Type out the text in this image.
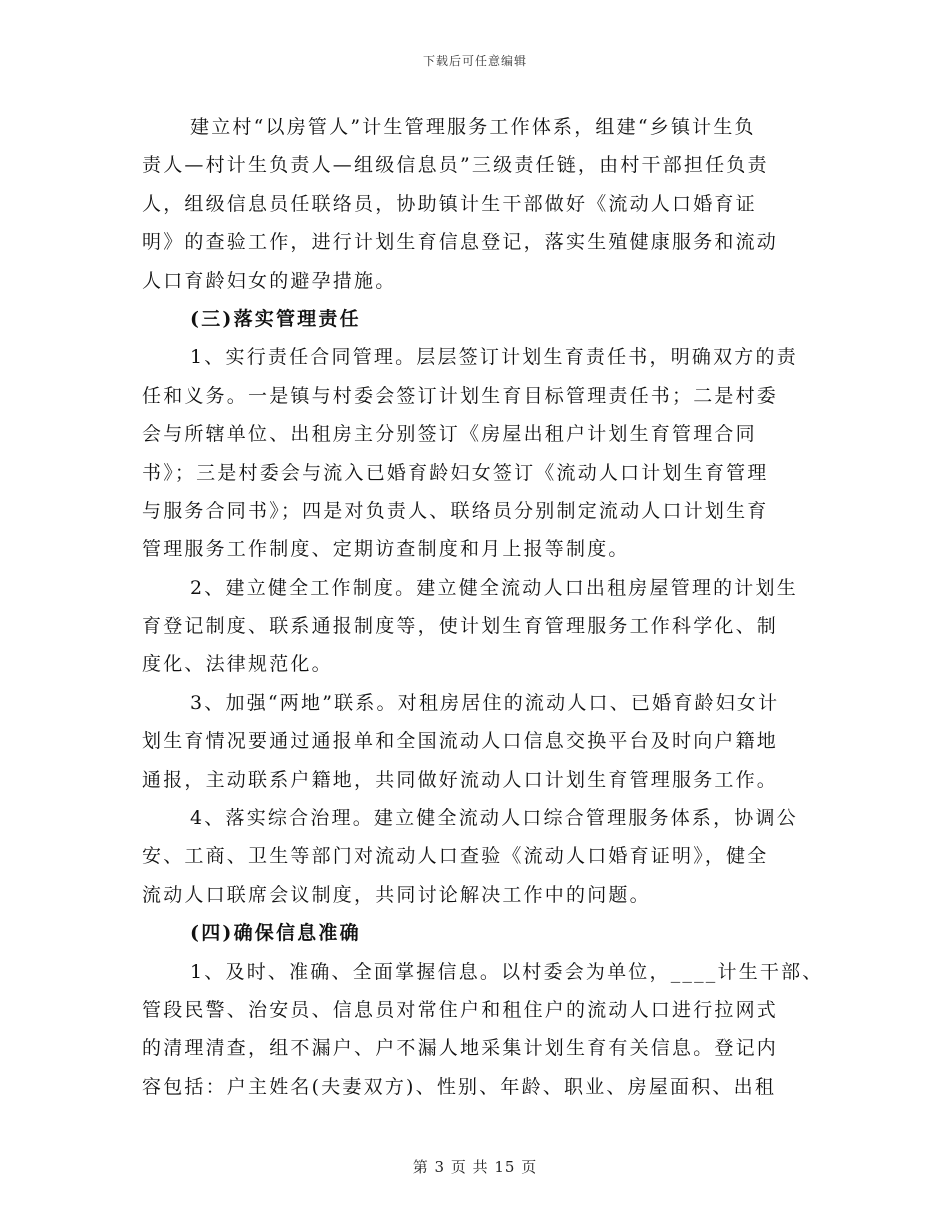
下载后可任意编辑
建立村“以房管人”计生管理服务工作体系，组建“乡镇计生负
责人—村计生负责人—组级信息员”三级责任链，由村干部担任负责
人，组级信息员任联络员，协助镇计生干部做好《流动人口婚育证
明》的查验工作，进行计划生育信息登记，落实生殖健康服务和流动
人口育龄妇女的避孕措施。
(三)落实管理责任
1、实行责任合同管理。层层签订计划生育责任书，明确双方的责
任和义务。一是镇与村委会签订计划生育目标管理责任书；二是村委
会与所辖单位、出租房主分别签订《房屋出租户计划生育管理合同
书》；三是村委会与流入已婚育龄妇女签订《流动人口计划生育管理
与服务合同书》；四是对负责人、联络员分别制定流动人口计划生育
管理服务工作制度、定期访查制度和月上报等制度。
2、建立健全工作制度。建立健全流动人口出租房屋管理的计划生
育登记制度、联系通报制度等，使计划生育管理服务工作科学化、制
度化、法律规范化。
3、加强“两地”联系。对租房居住的流动人口、已婚育龄妇女计
划生育情况要通过通报单和全国流动人口信息交换平台及时向户籍地
通报，主动联系户籍地，共同做好流动人口计划生育管理服务工作。
4、落实综合治理。建立健全流动人口综合管理服务体系，协调公
安、工商、卫生等部门对流动人口查验《流动人口婚育证明》，健全
流动人口联席会议制度，共同讨论解决工作中的问题。
(四)确保信息准确
1、及时、准确、全面掌握信息。以村委会为单位，____计生干部、
管段民警、治安员、信息员对常住户和租住户的流动人口进行拉网式
的清理清查，组不漏户、户不漏人地采集计划生育有关信息。登记内
容包括：户主姓名(夫妻双方)、性别、年龄、职业、房屋面积、出租
第 3 页 共 15 页
